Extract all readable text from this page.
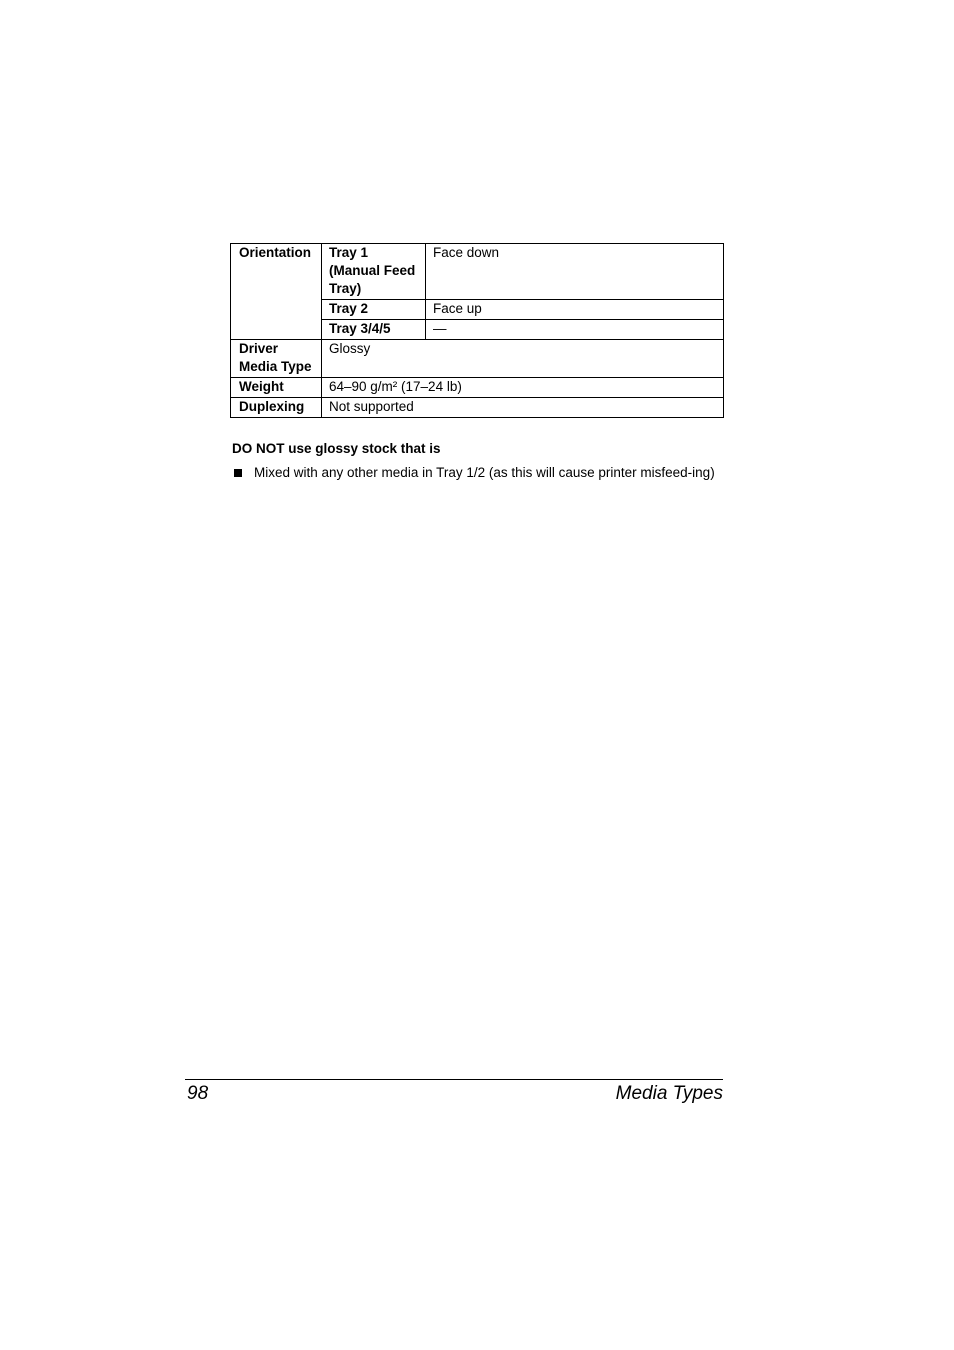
Orientation	Tray 1 (Manual Feed Tray)	Face down
	Tray 2	Face up
	Tray 3/4/5	—
Driver Media Type	Glossy	
Weight	64–90 g/m² (17–24 lb)	
Duplexing	Not supported	
DO NOT use glossy stock that is
Mixed with any other media in Tray 1/2 (as this will cause printer misfeed-ing)
98	Media Types
